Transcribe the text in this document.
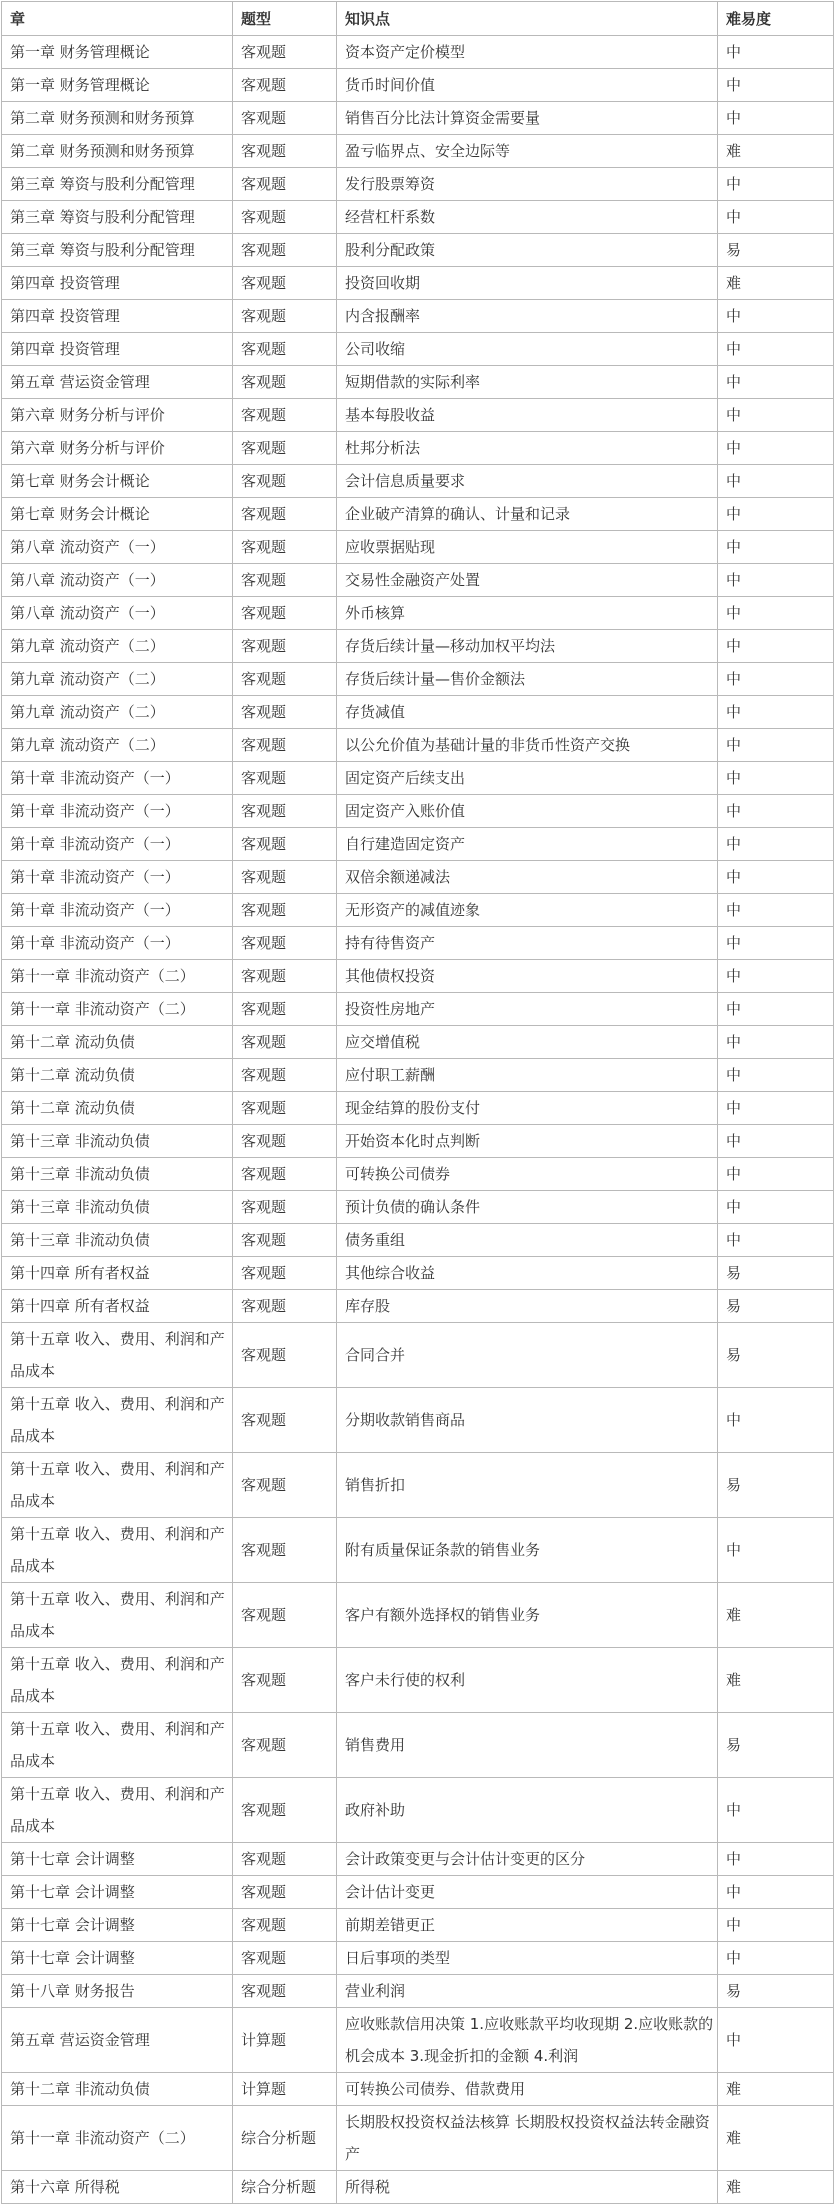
章	题型	知识点	难易度
第一章 财务管理概论	客观题	资本资产定价模型	中
第一章 财务管理概论	客观题	货币时间价值	中
第二章 财务预测和财务预算	客观题	销售百分比法计算资金需要量	中
第二章 财务预测和财务预算	客观题	盈亏临界点、安全边际等	难
第三章 筹资与股利分配管理	客观题	发行股票筹资	中
第三章 筹资与股利分配管理	客观题	经营杠杆系数	中
第三章 筹资与股利分配管理	客观题	股利分配政策	易
第四章 投资管理	客观题	投资回收期	难
第四章 投资管理	客观题	内含报酬率	中
第四章 投资管理	客观题	公司收缩	中
第五章 营运资金管理	客观题	短期借款的实际利率	中
第六章 财务分析与评价	客观题	基本每股收益	中
第六章 财务分析与评价	客观题	杜邦分析法	中
第七章 财务会计概论	客观题	会计信息质量要求	中
第七章 财务会计概论	客观题	企业破产清算的确认、计量和记录	中
第八章 流动资产（一）	客观题	应收票据贴现	中
第八章 流动资产（一）	客观题	交易性金融资产处置	中
第八章 流动资产（一）	客观题	外币核算	中
第九章 流动资产（二）	客观题	存货后续计量—移动加权平均法	中
第九章 流动资产（二）	客观题	存货后续计量—售价金额法	中
第九章 流动资产（二）	客观题	存货减值	中
第九章 流动资产（二）	客观题	以公允价值为基础计量的非货币性资产交换	中
第十章 非流动资产（一）	客观题	固定资产后续支出	中
第十章 非流动资产（一）	客观题	固定资产入账价值	中
第十章 非流动资产（一）	客观题	自行建造固定资产	中
第十章 非流动资产（一）	客观题	双倍余额递减法	中
第十章 非流动资产（一）	客观题	无形资产的减值迹象	中
第十章 非流动资产（一）	客观题	持有待售资产	中
第十一章 非流动资产（二）	客观题	其他债权投资	中
第十一章 非流动资产（二）	客观题	投资性房地产	中
第十二章 流动负债	客观题	应交增值税	中
第十二章 流动负债	客观题	应付职工薪酬	中
第十二章 流动负债	客观题	现金结算的股份支付	中
第十三章 非流动负债	客观题	开始资本化时点判断	中
第十三章 非流动负债	客观题	可转换公司债券	中
第十三章 非流动负债	客观题	预计负债的确认条件	中
第十三章 非流动负债	客观题	债务重组	中
第十四章 所有者权益	客观题	其他综合收益	易
第十四章 所有者权益	客观题	库存股	易
第十五章 收入、费用、利润和产品成本	客观题	合同合并	易
第十五章 收入、费用、利润和产品成本	客观题	分期收款销售商品	中
第十五章 收入、费用、利润和产品成本	客观题	销售折扣	易
第十五章 收入、费用、利润和产品成本	客观题	附有质量保证条款的销售业务	中
第十五章 收入、费用、利润和产品成本	客观题	客户有额外选择权的销售业务	难
第十五章 收入、费用、利润和产品成本	客观题	客户未行使的权利	难
第十五章 收入、费用、利润和产品成本	客观题	销售费用	易
第十五章 收入、费用、利润和产品成本	客观题	政府补助	中
第十七章 会计调整	客观题	会计政策变更与会计估计变更的区分	中
第十七章 会计调整	客观题	会计估计变更	中
第十七章 会计调整	客观题	前期差错更正	中
第十七章 会计调整	客观题	日后事项的类型	中
第十八章 财务报告	客观题	营业利润	易
第五章 营运资金管理	计算题	应收账款信用决策 1.应收账款平均收现期 2.应收账款的机会成本 3.现金折扣的金额 4.利润	中
第十二章 非流动负债	计算题	可转换公司债券、借款费用	难
第十一章 非流动资产（二）	综合分析题	长期股权投资权益法核算 长期股权投资权益法转金融资产	难
第十六章 所得税	综合分析题	所得税	难
